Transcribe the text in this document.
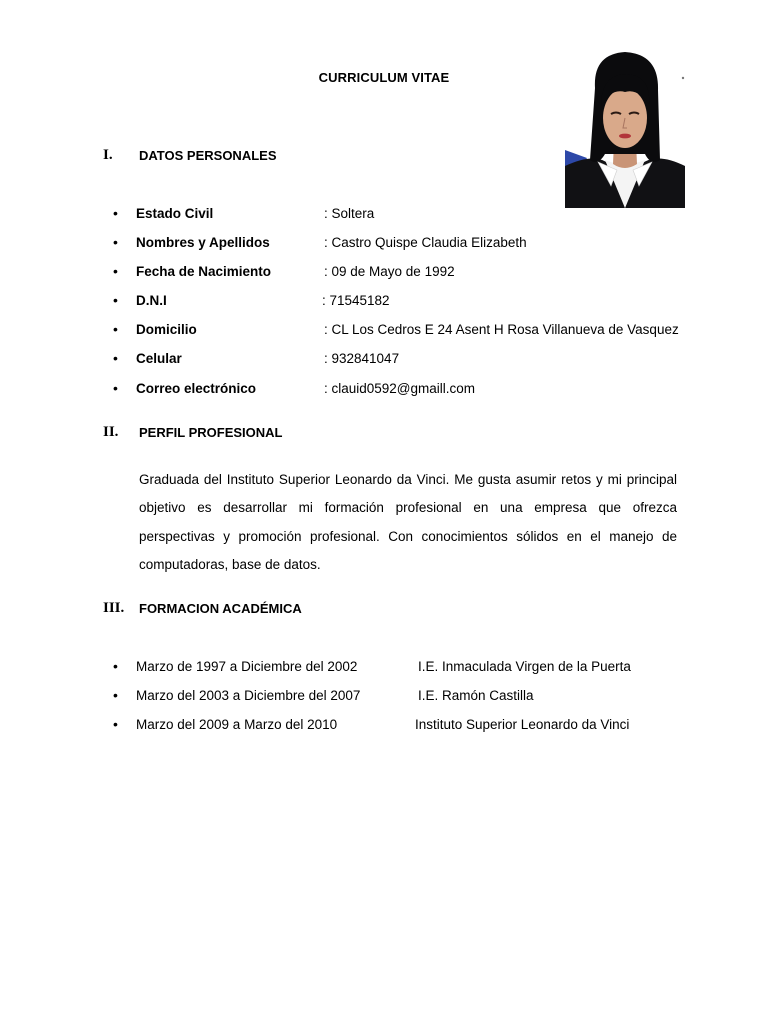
CURRICULUM VITAE
I. DATOS PERSONALES
• Estado Civil	: Soltera
• Nombres y Apellidos	: Castro Quispe Claudia Elizabeth
• Fecha de Nacimiento	: 09 de Mayo de 1992
• D.N.I	: 71545182
• Domicilio	: CL Los Cedros E 24 Asent H Rosa Villanueva de Vasquez
• Celular	: 932841047
• Correo electrónico	: clauid0592@gmaill.com
II. PERFIL PROFESIONAL
Graduada del Instituto Superior Leonardo da Vinci. Me gusta asumir retos y mi principal objetivo es desarrollar mi formación profesional en una empresa que ofrezca perspectivas y promoción profesional. Con conocimientos sólidos en el manejo de computadoras, base de datos.
III. FORMACION ACADÉMICA
• Marzo de 1997 a Diciembre del 2002	I.E. Inmaculada Virgen de la Puerta
• Marzo del 2003 a Diciembre del 2007	I.E. Ramón Castilla
• Marzo del 2009 a Marzo del 2010	Instituto Superior Leonardo da Vinci
